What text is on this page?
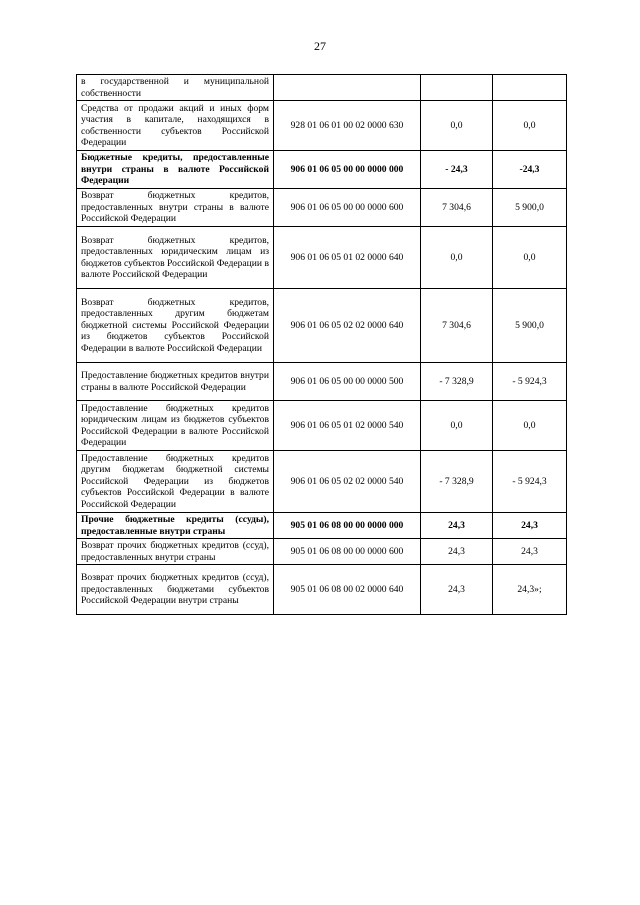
27
в государственной и муниципальной собственности			
Средства от продажи акций и иных форм участия в капитале, находящихся в собственности субъектов Российской Федерации	928 01 06 01 00 02 0000 630	0,0	0,0
Бюджетные кредиты, предоставленные внутри страны в валюте Российской Федерации	906 01 06 05 00 00 0000 000	- 24,3	-24,3
Возврат бюджетных кредитов, предоставленных внутри страны в валюте Российской Федерации	906 01 06 05 00 00 0000 600	7 304,6	5 900,0
Возврат бюджетных кредитов, предоставленных юридическим лицам из бюджетов субъектов Российской Федерации в валюте Российской Федерации	906 01 06 05 01 02 0000 640	0,0	0,0
Возврат бюджетных кредитов, предоставленных другим бюджетам бюджетной системы Российской Федерации из бюджетов субъектов Российской Федерации в валюте Российской Федерации	906 01 06 05 02 02 0000 640	7 304,6	5 900,0
Предоставление бюджетных кредитов внутри страны в валюте Российской Федерации	906 01 06 05 00 00 0000 500	- 7 328,9	- 5 924,3
Предоставление бюджетных кредитов юридическим лицам из бюджетов субъектов Российской Федерации в валюте Российской Федерации	906 01 06 05 01 02 0000 540	0,0	0,0
Предоставление бюджетных кредитов другим бюджетам бюджетной системы Российской Федерации из бюджетов субъектов Российской Федерации в валюте Российской Федерации	906 01 06 05 02 02 0000 540	- 7 328,9	- 5 924,3
Прочие бюджетные кредиты (ссуды), предоставленные внутри страны	905 01 06 08 00 00 0000 000	24,3	24,3
Возврат прочих бюджетных кредитов (ссуд), предоставленных внутри страны	905 01 06 08 00 00 0000 600	24,3	24,3
Возврат прочих бюджетных кредитов (ссуд), предоставленных бюджетами субъектов Российской Федерации внутри страны	905 01 06 08 00 02 0000 640	24,3	24,3»;
